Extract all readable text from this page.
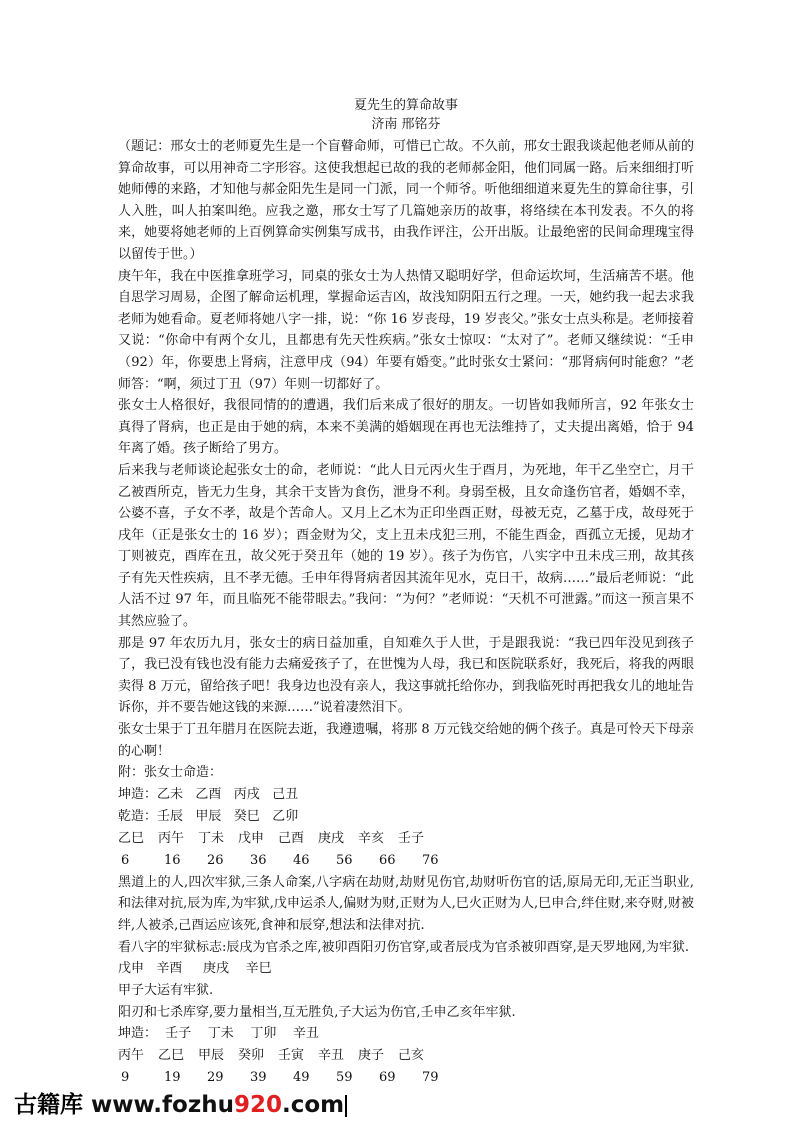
夏先生的算命故事

济南 邢铭芬

（题记：邢女士的老师夏先生是一个盲瞽命师，可惜已亡故。不久前，邢女士跟我谈起他老师从前的算命故事，可以用神奇二字形容。这使我想起已故的我的老师郝金阳，他们同属一路。后来细细打听她师傅的来路，才知他与郝金阳先生是同一门派，同一个师爷。听他细细道来夏先生的算命往事，引人入胜，叫人拍案叫绝。应我之邀，邢女士写了几篇她亲历的故事，将络续在本刊发表。不久的将来，她要将她老师的上百例算命实例集写成书，由我作评注，公开出版。让最绝密的民间命理瑰宝得以留传于世。）

庚午年，我在中医推拿班学习，同桌的张女士为人热情又聪明好学，但命运坎坷，生活痛苦不堪。他自思学习周易，企图了解命运机理，掌握命运吉凶，故浅知阴阳五行之理。一天，她约我一起去求我老师为她看命。夏老师将她八字一排，说：“你 16 岁丧母，19 岁丧父。”张女士点头称是。老师接着又说：“你命中有两个女儿，且都患有先天性疾病。”张女士惊叹：“太对了”。老师又继续说：“壬申（92）年，你要患上肾病，注意甲戌（94）年要有婚变。”此时张女士紧问：“那肾病何时能愈？”老师答：“啊，须过丁丑（97）年则一切都好了。

张女士人格很好，我很同情的的遭遇，我们后来成了很好的朋友。一切皆如我师所言，92 年张女士真得了肾病，也正是由于她的病，本来不美满的婚姻现在再也无法维持了，丈夫提出离婚，恰于 94 年离了婚。孩子断给了男方。

后来我与老师谈论起张女士的命，老师说：“此人日元丙火生于酉月，为死地，年干乙坐空亡，月干乙被酉所克，皆无力生身，其余干支皆为食伤，泄身不利。身弱至极，且女命逢伤官者，婚姻不幸，公婆不喜，子女不孝，故是个苦命人。又月上乙木为正印坐酉正财，母被无克，乙墓于戌，故母死于戌年（正是张女士的 16 岁）；酉金财为父，支上丑未戌犯三刑，不能生酉金，酉孤立无援，见劫才丁则被克，酉库在丑，故父死于癸丑年（她的 19 岁）。孩子为伤官，八实字中丑未戌三刑，故其孩子有先天性疾病，且不孝无德。壬申年得肾病者因其流年见水，克日干，故病……”最后老师说：“此人活不过 97 年，而且临死不能带眼去。”我问：“为何？”老师说：“天机不可泄露。”而这一预言果不其然应验了。

那是 97 年农历九月，张女士的病日益加重，自知难久于人世，于是跟我说：“我已四年没见到孩子了，我已没有钱也没有能力去痛爱孩子了，在世愧为人母，我已和医院联系好，我死后，将我的两眼卖得 8 万元，留给孩子吧！我身边也没有亲人，我这事就托给你办，到我临死时再把我女儿的地址告诉你，并不要告她这钱的来源……”说着凄然泪下。

张女士果于丁丑年腊月在医院去逝，我遵遗嘱，将那 8 万元钱交给她的俩个孩子。真是可怜天下母亲的心啊！

附：张女士命造：

坤造：乙未   乙酉   丙戌   己丑

乾造：壬辰   甲辰   癸巳   乙卯

乙巳 丙午 丁未 戊申 己酉 庚戌 辛亥 壬子

6	16 26 36 46 56 66 76

黑道上的人,四次牢狱,三条人命案,八字病在劫财,劫财见伤官,劫财听伤官的话,原局无印,无正当职业,和法律对抗,辰为库,为牢狱,戊申运杀人,偏财为财,正财为人,巳火正财为人,巳申合,绊住财,来夺财,财被绊,人被杀,己酉运应该死,食神和辰穿,想法和法律对抗.

看八字的牢狱标志:辰戌为官杀之库,被卯酉阳刃伤官穿,或者辰戌为官杀被卯酉穿,是天罗地网,为牢狱.

戊申   辛酉     庚戌    辛巳

甲子大运有牢狱.

阳刃和七杀库穿,要力量相当,互无胜负,子大运为伤官,壬申乙亥年牢狱.

坤造：  壬子    丁未    丁卯    辛丑

丙午 乙巳 甲辰 癸卯 壬寅 辛丑 庚子 己亥

9	19 29 39 49 59 69 79

古籍库 www.fozhu920.com
